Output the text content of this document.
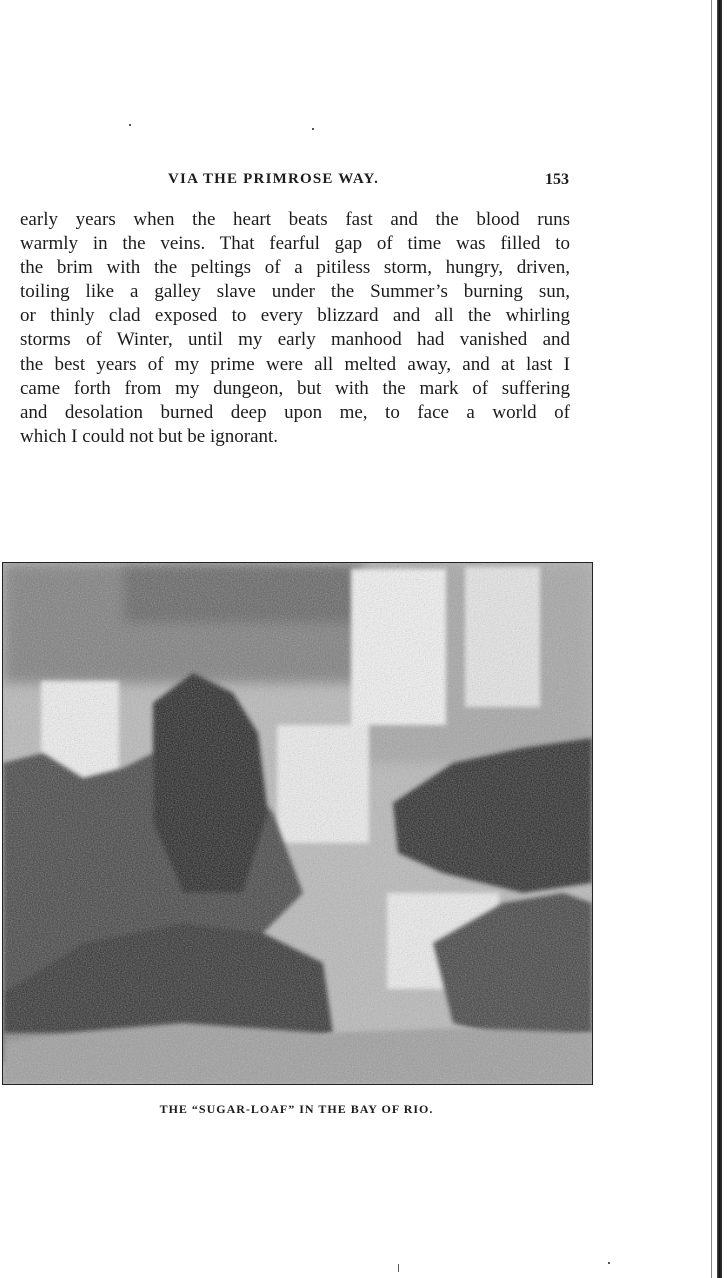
VIA THE PRIMROSE WAY.	153
early years when the heart beats fast and the blood runs
warmly in the veins. That fearful gap of time was filled to
the brim with the peltings of a pitiless storm, hungry, driven,
toiling like a galley slave under the Summer’s burning sun,
or thinly clad exposed to every blizzard and all the whirling
storms of Winter, until my early manhood had vanished and
the best years of my prime were all melted away, and at last I
came forth from my dungeon, but with the mark of suffering
and desolation burned deep upon me, to face a world of
which I could not but be ignorant.
THE “SUGAR-LOAF” IN THE BAY OF RIO.
